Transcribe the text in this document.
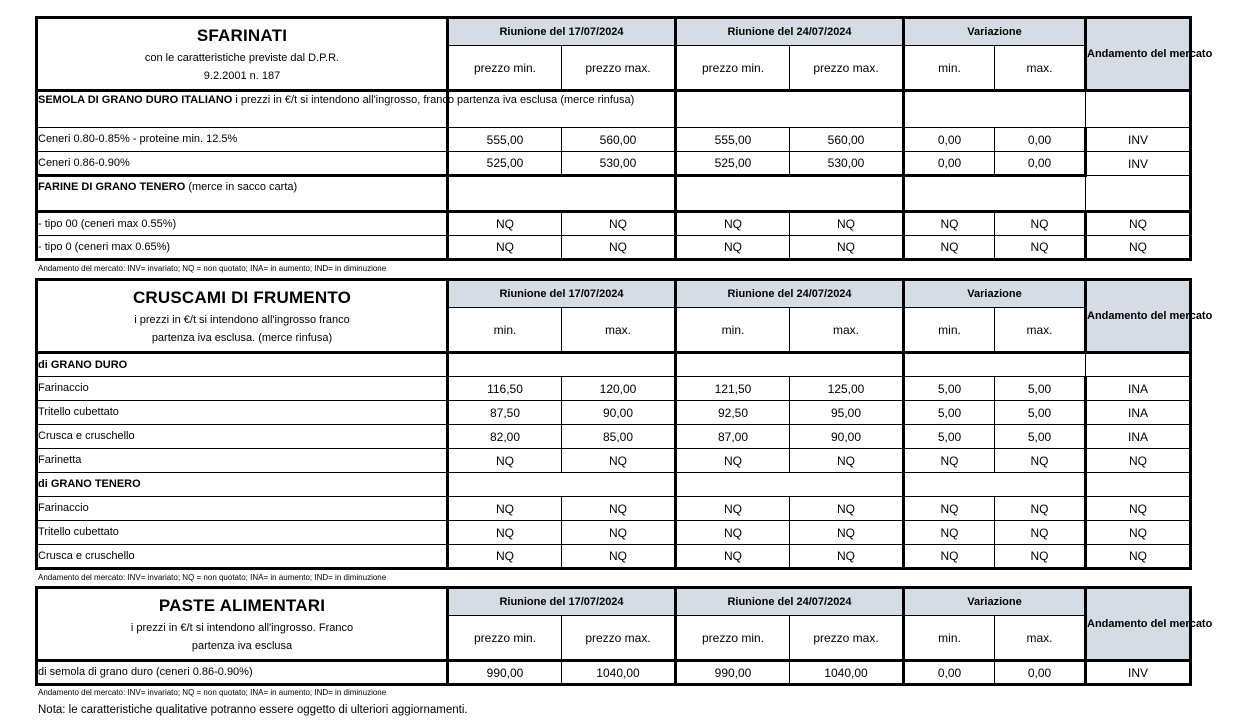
SFARINATI
con le caratteristiche previste dal D.P.R.
9.2.2001 n. 187	Riunione del 17/07/2024		Riunione del 24/07/2024		Variazione		Andamento del mercato
	prezzo min.	prezzo max.	prezzo min.	prezzo max.	min.	max.	
SEMOLA DI GRANO DURO ITALIANO i prezzi in €/t si intendono all'ingrosso, franco partenza iva esclusa (merce rinfusa)							
Ceneri 0.80-0.85% - proteine min. 12.5%	555,00	560,00	555,00	560,00	0,00	0,00	INV
Ceneri 0.86-0.90%	525,00	530,00	525,00	530,00	0,00	0,00	INV
FARINE DI GRANO TENERO (merce in sacco carta)							
- tipo 00 (ceneri max 0.55%)	NQ	NQ	NQ	NQ	NQ	NQ	NQ
- tipo 0 (ceneri max 0.65%)	NQ	NQ	NQ	NQ	NQ	NQ	NQ
Andamento del mercato: INV= invariato; NQ = non quotato; INA= in aumento; IND= in diminuzione
CRUSCAMI DI FRUMENTO
i prezzi in €/t si intendono all'ingrosso franco
partenza iva esclusa. (merce rinfusa)	Riunione del 17/07/2024		Riunione del 24/07/2024		Variazione		Andamento del mercato
	min.	max.	min.	max.	min.	max.	
di GRANO DURO							
Farinaccio	116,50	120,00	121,50	125,00	5,00	5,00	INA
Tritello cubettato	87,50	90,00	92,50	95,00	5,00	5,00	INA
Crusca e cruschello	82,00	85,00	87,00	90,00	5,00	5,00	INA
Farinetta	NQ	NQ	NQ	NQ	NQ	NQ	NQ
di GRANO TENERO							
Farinaccio	NQ	NQ	NQ	NQ	NQ	NQ	NQ
Tritello cubettato	NQ	NQ	NQ	NQ	NQ	NQ	NQ
Crusca e cruschello	NQ	NQ	NQ	NQ	NQ	NQ	NQ
Andamento del mercato: INV= invariato; NQ = non quotato; INA= in aumento; IND= in diminuzione
PASTE ALIMENTARI
i prezzi in €/t si intendono all'ingrosso. Franco
partenza iva esclusa	Riunione del 17/07/2024		Riunione del 24/07/2024		Variazione		Andamento del mercato
	prezzo min.	prezzo max.	prezzo min.	prezzo max.	min.	max.	
di semola di grano duro (ceneri 0.86-0.90%)	990,00	1040,00	990,00	1040,00	0,00	0,00	INV
Andamento del mercato: INV= invariato; NQ = non quotato; INA= in aumento; IND= in diminuzione
Nota: le caratteristiche qualitative potranno essere oggetto di ulteriori aggiornamenti.
